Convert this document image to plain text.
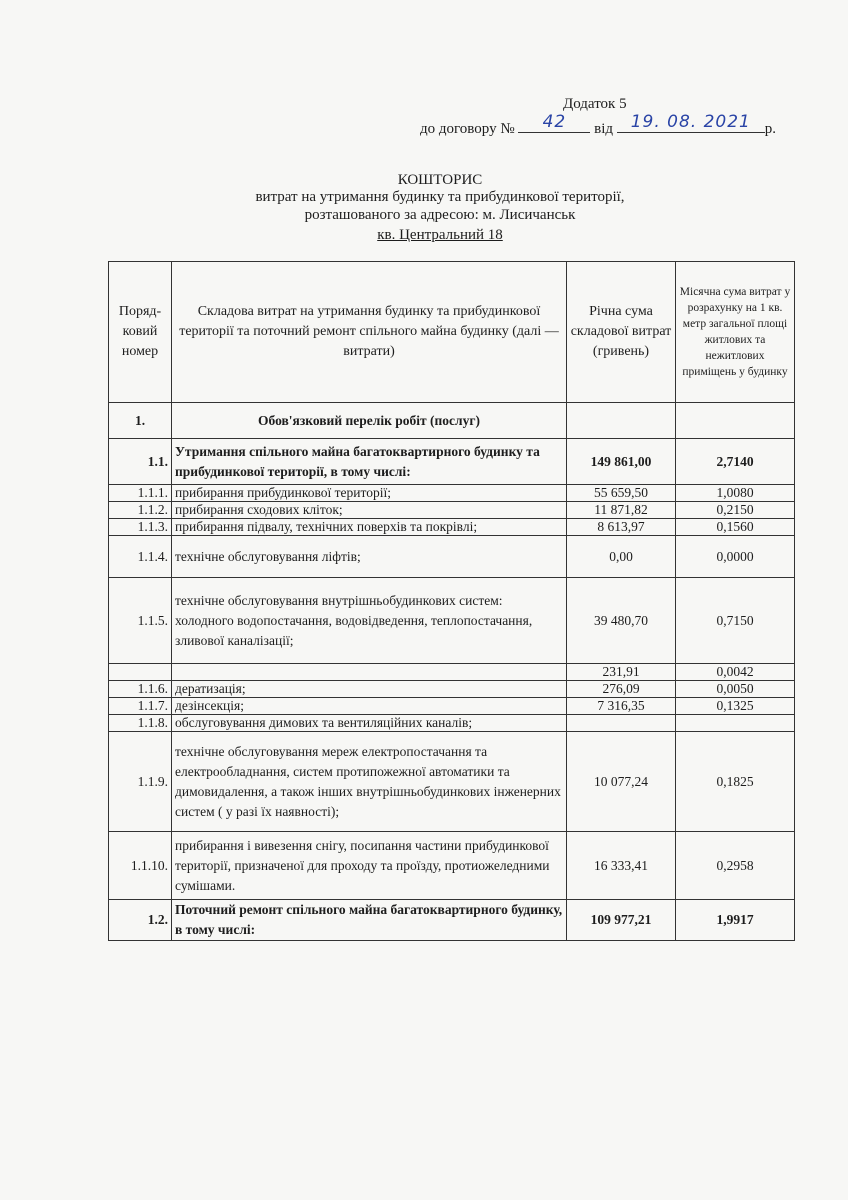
Додаток 5
до договору №	42	від	19. 08. 2021 р.
КОШТОРИС
витрат на утримання будинку та прибудинкової території,
розташованого за адресою: м. Лисичанськ
кв. Центральний 18
Поряд-
ковий
номер	Складова витрат на утримання будинку та прибудинкової території та поточний ремонт спільного майна будинку (далі — витрати)	Річна сума складової витрат (гривень)	Місячна сума витрат у розрахунку на 1 кв. метр загальної площі житлових та нежитлових приміщень у будинку
1.	Обов'язковий перелік робіт (послуг)		
1.1.	Утримання спільного майна багатоквартирного будинку та прибудинкової території, в тому числі:	149 861,00	2,7140
1.1.1.	прибирання прибудинкової території;	55 659,50	1,0080
1.1.2.	прибирання сходових кліток;	11 871,82	0,2150
1.1.3.	прибирання підвалу, технічних поверхів та покрівлі;	8 613,97	0,1560
1.1.4.	технічне обслуговування ліфтів;	0,00	0,0000
1.1.5.	технічне обслуговування внутрішньобудинкових систем: холодного водопостачання, водовідведення, теплопостачання, зливової каналізації;	39 480,70	0,7150
		231,91	0,0042
1.1.6.	дератизація;	276,09	0,0050
1.1.7.	дезінсекція;	7 316,35	0,1325
1.1.8.	обслуговування димових та вентиляційних каналів;		
1.1.9.	технічне обслуговування мереж електропостачання та електрообладнання, систем протипожежної автоматики та димовидалення, а також інших внутрішньобудинкових інженерних систем ( у разі їх наявності);	10 077,24	0,1825
1.1.10.	прибирання і вивезення снігу, посипання частини прибудинкової території, призначеної для проходу та проїзду, протиожеледними сумішами.	16 333,41	0,2958
1.2.	Поточний ремонт спільного майна багатоквартирного будинку, в тому числі:	109 977,21	1,9917
